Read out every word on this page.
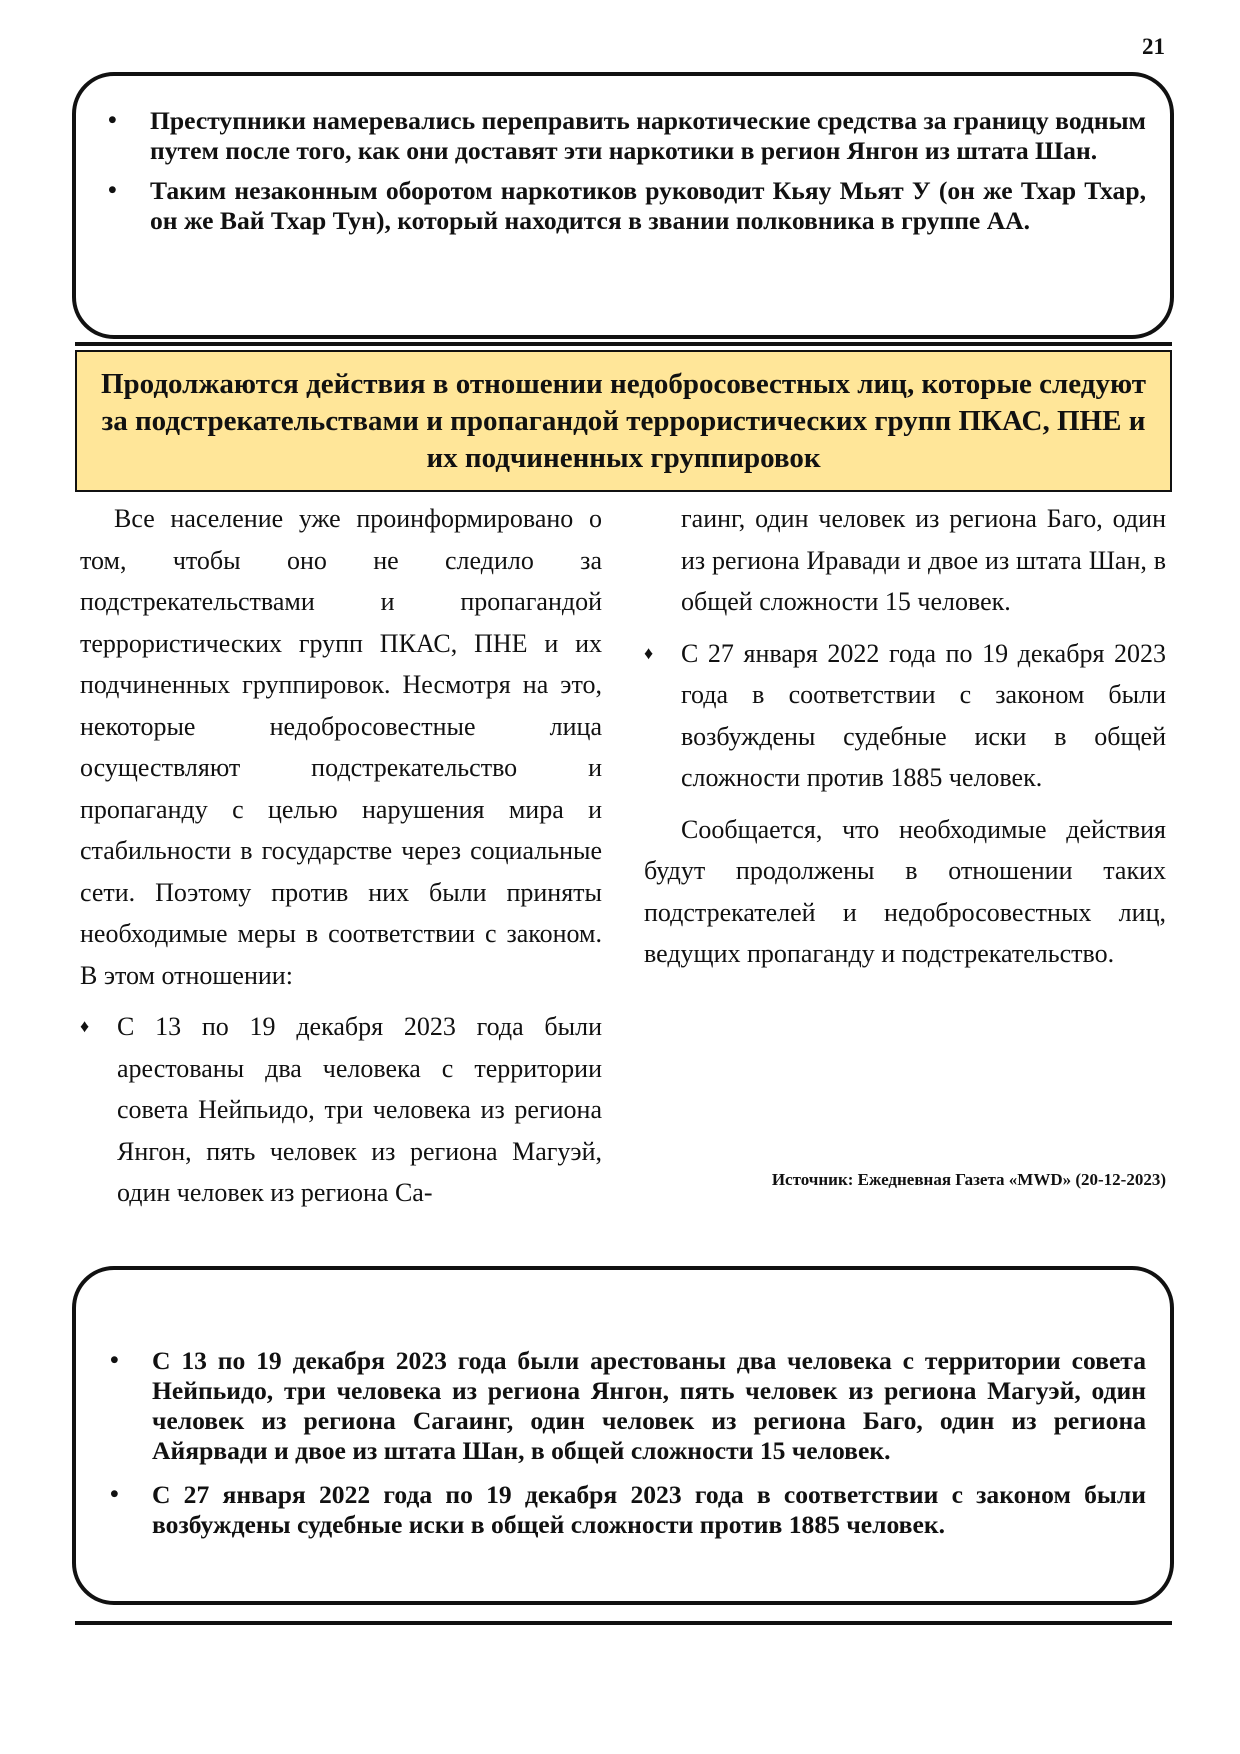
21
• Преступники намеревались переправить наркотические средства за границу водным путем после того, как они доставят эти наркотики в регион Янгон из штата Шан.
• Таким незаконным оборотом наркотиков руководит Кьяу Мьят У (он же Тхар Тхар, он же Вай Тхар Тун), который находится в звании полковника в группе АА.
Продолжаются действия в отношении недобросовестных лиц, которые следуют за подстрекательствами и пропагандой террористических групп ПКАС, ПНЕ и их подчиненных группировок

Все население уже проинформировано о том, чтобы оно не следило за подстрекательствами и пропагандой террористических групп ПКАС, ПНЕ и их подчиненных группировок. Несмотря на это, некоторые недобросовестные лица осуществляют подстрекательство и пропаганду с целью нарушения мира и стабильности в государстве через социальные сети. Поэтому против них были приняты необходимые меры в соответствии с законом. В этом отношении:

♦ С 13 по 19 декабря 2023 года были арестованы два человека с территории совета Нейпьидо, три человека из региона Янгон, пять человек из региона Магуэй, один человек из региона Са-

гаинг, один человек из региона Баго, один из региона Иравади и двое из штата Шан, в общей сложности 15 человек.

♦ С 27 января 2022 года по 19 декабря 2023 года в соответствии с законом были возбуждены судебные иски в общей сложности против 1885 человек.

Сообщается, что необходимые действия будут продолжены в отношении таких подстрекателей и недобросовестных лиц, ведущих пропаганду и подстрекательство.

Источник: Ежедневная Газета «MWD» (20-12-2023)
• С 13 по 19 декабря 2023 года были арестованы два человека с территории совета Нейпьидо, три человека из региона Янгон, пять человек из региона Магуэй, один человек из региона Сагаинг, один человек из региона Баго, один из региона Айярвади и двое из штата Шан, в общей сложности 15 человек.
• С 27 января 2022 года по 19 декабря 2023 года в соответствии с законом были возбуждены судебные иски в общей сложности против 1885 человек.
